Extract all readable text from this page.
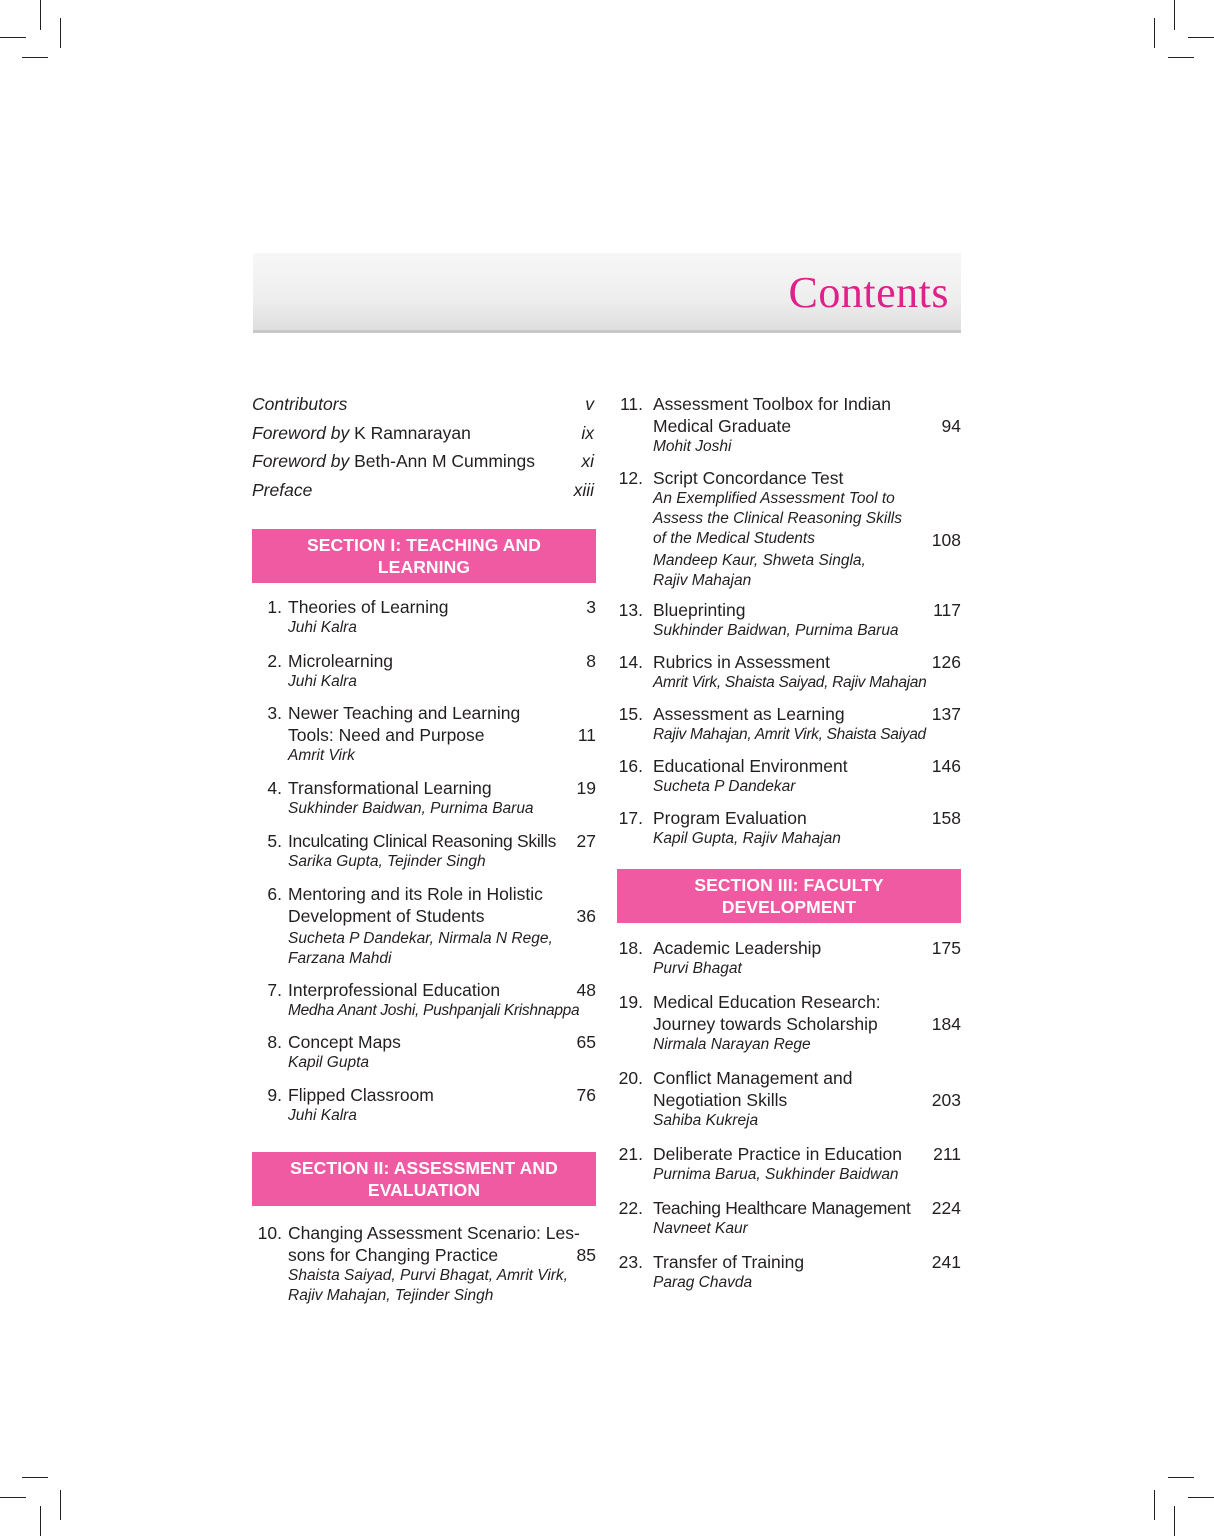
Contents
Contributors	v
Foreword by K Ramnarayan	ix
Foreword by Beth-Ann M Cummings	xi
Preface	xiii
SECTION I: TEACHING AND LEARNING
1. Theories of Learning	3
Juhi Kalra
2. Microlearning	8
Juhi Kalra
3. Newer Teaching and Learning
Tools: Need and Purpose	11
Amrit Virk
4. Transformational Learning	19
Sukhinder Baidwan, Purnima Barua
5. Inculcating Clinical Reasoning Skills	27
Sarika Gupta, Tejinder Singh
6. Mentoring and its Role in Holistic
Development of Students	36
Sucheta P Dandekar, Nirmala N Rege,
Farzana Mahdi
7. Interprofessional Education	48
Medha Anant Joshi, Pushpanjali Krishnappa
8. Concept Maps	65
Kapil Gupta
9. Flipped Classroom	76
Juhi Kalra
SECTION II: ASSESSMENT AND
EVALUATION
10. Changing Assessment Scenario: Les-
sons for Changing Practice	85
Shaista Saiyad, Purvi Bhagat, Amrit Virk,
Rajiv Mahajan, Tejinder Singh
11. Assessment Toolbox for Indian
Medical Graduate	94
Mohit Joshi
12. Script Concordance Test
An Exemplified Assessment Tool to
Assess the Clinical Reasoning Skills
of the Medical Students	108
Mandeep Kaur, Shweta Singla,
Rajiv Mahajan
13. Blueprinting	117
Sukhinder Baidwan, Purnima Barua
14. Rubrics in Assessment	126
Amrit Virk, Shaista Saiyad, Rajiv Mahajan
15. Assessment as Learning	137
Rajiv Mahajan, Amrit Virk, Shaista Saiyad
16. Educational Environment	146
Sucheta P Dandekar
17. Program Evaluation	158
Kapil Gupta, Rajiv Mahajan
SECTION III: FACULTY DEVELOPMENT
18. Academic Leadership	175
Purvi Bhagat
19. Medical Education Research:
Journey towards Scholarship	184
Nirmala Narayan Rege
20. Conflict Management and
Negotiation Skills	203
Sahiba Kukreja
21. Deliberate Practice in Education	211
Purnima Barua, Sukhinder Baidwan
22. Teaching Healthcare Management	224
Navneet Kaur
23. Transfer of Training	241
Parag Chavda
